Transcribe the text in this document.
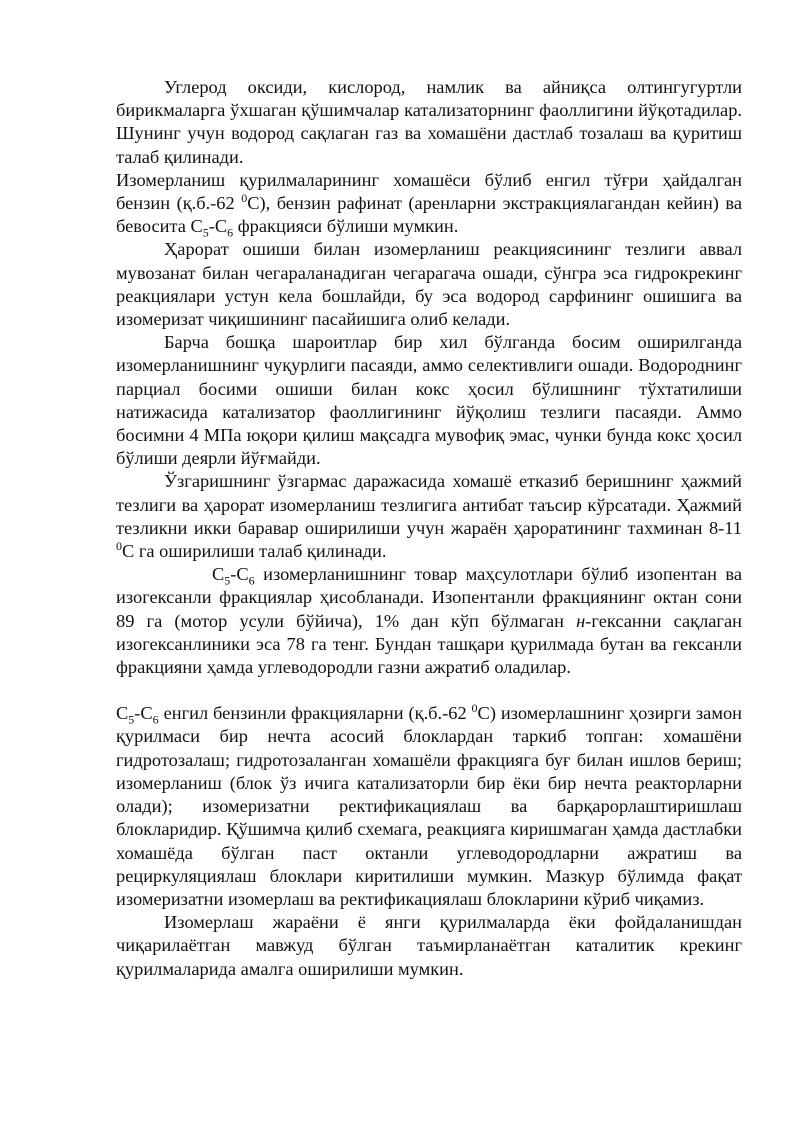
Углерод оксиди, кислород, намлик ва айниқса олтингугуртли бирикмаларга ўхшаган қўшимчалар катализаторнинг фаоллигини йўқотадилар. Шунинг учун водород сақлаган газ ва хомашёни дастлаб тозалаш ва қуритиш талаб қилинади.

Изомерланиш қурилмаларининг хомашёси бўлиб енгил тўғри ҳайдалган бензин (қ.б.-62 $^0$С), бензин рафинат (аренларни экстракциялагандан кейин) ва бевосита $С_5-С_6$ фракцияси бўлиши мумкин.

Ҳарорат ошиши билан изомерланиш реакциясининг тезлиги аввал мувозанат билан чегараланадиган чегарагача ошади, сўнгра эса гидрокрекинг реакциялари устун кела бошлайди, бу эса водород сарфининг ошишига ва изомеризат чиқишининг пасайишига олиб келади.

Барча бошқа шароитлар бир хил бўлганда босим оширилганда изомерланишнинг чуқурлиги пасаяди, аммо селективлиги ошади. Водороднинг парциал босими ошиши билан кокс ҳосил бўлишнинг тўхтатилиши натижасида катализатор фаоллигининг йўқолиш тезлиги пасаяди. Аммо босимни 4 МПа юқори қилиш мақсадга мувофиқ эмас, чунки бунда кокс ҳосил бўлиши деярли йўғмайди.

Ўзгаришнинг ўзгармас даражасида хомашё етказиб беришнинг ҳажмий тезлиги ва ҳарорат изомерланиш тезлигига антибат таъсир кўрсатади. Ҳажмий тезликни икки баравар оширилиши учун жараён ҳароратининг тахминан 8-11 $^0$С га оширилиши талаб қилинади.

$С_5-С_6$ изомерланишнинг товар маҳсулотлари бўлиб изопентан ва изогексанли фракциялар ҳисобланади. Изопентанли фракциянинг октан сони 89 га (мотор усули бўйича), 1% дан кўп бўлмаган н-гексанни сақлаган изогексанлиники эса 78 га тенг. Бундан ташқари қурилмада бутан ва гексанли фракцияни ҳамда углеводородли газни ажратиб оладилар.

$С_5-С_6$ енгил бензинли фракцияларни (қ.б.-62 $^0$С) изомерлашнинг ҳозирги замон қурилмаси бир нечта асосий блоклардан таркиб топган: хомашёни гидротозалаш; гидротозаланган хомашёли фракцияга буғ билан ишлов бериш; изомерланиш (блок ўз ичига катализаторли бир ёки бир нечта реакторларни олади); изомеризатни ректификациялаш ва барқарорлаштиришлаш блокларидир. Қўшимча қилиб схемага, реакцияга киришмаган ҳамда дастлабки хомашёда бўлган паст октанли углеводородларни ажратиш ва рециркуляциялаш блоклари киритилиши мумкин. Мазкур бўлимда фақат изомеризатни изомерлаш ва ректификациялаш блокларини кўриб чиқамиз.

Изомерлаш жараёни ё янги қурилмаларда ёки фойдаланишдан чиқарилаётган мавжуд бўлган таъмирланаётган каталитик крекинг қурилмаларида амалга оширилиши мумкин.
